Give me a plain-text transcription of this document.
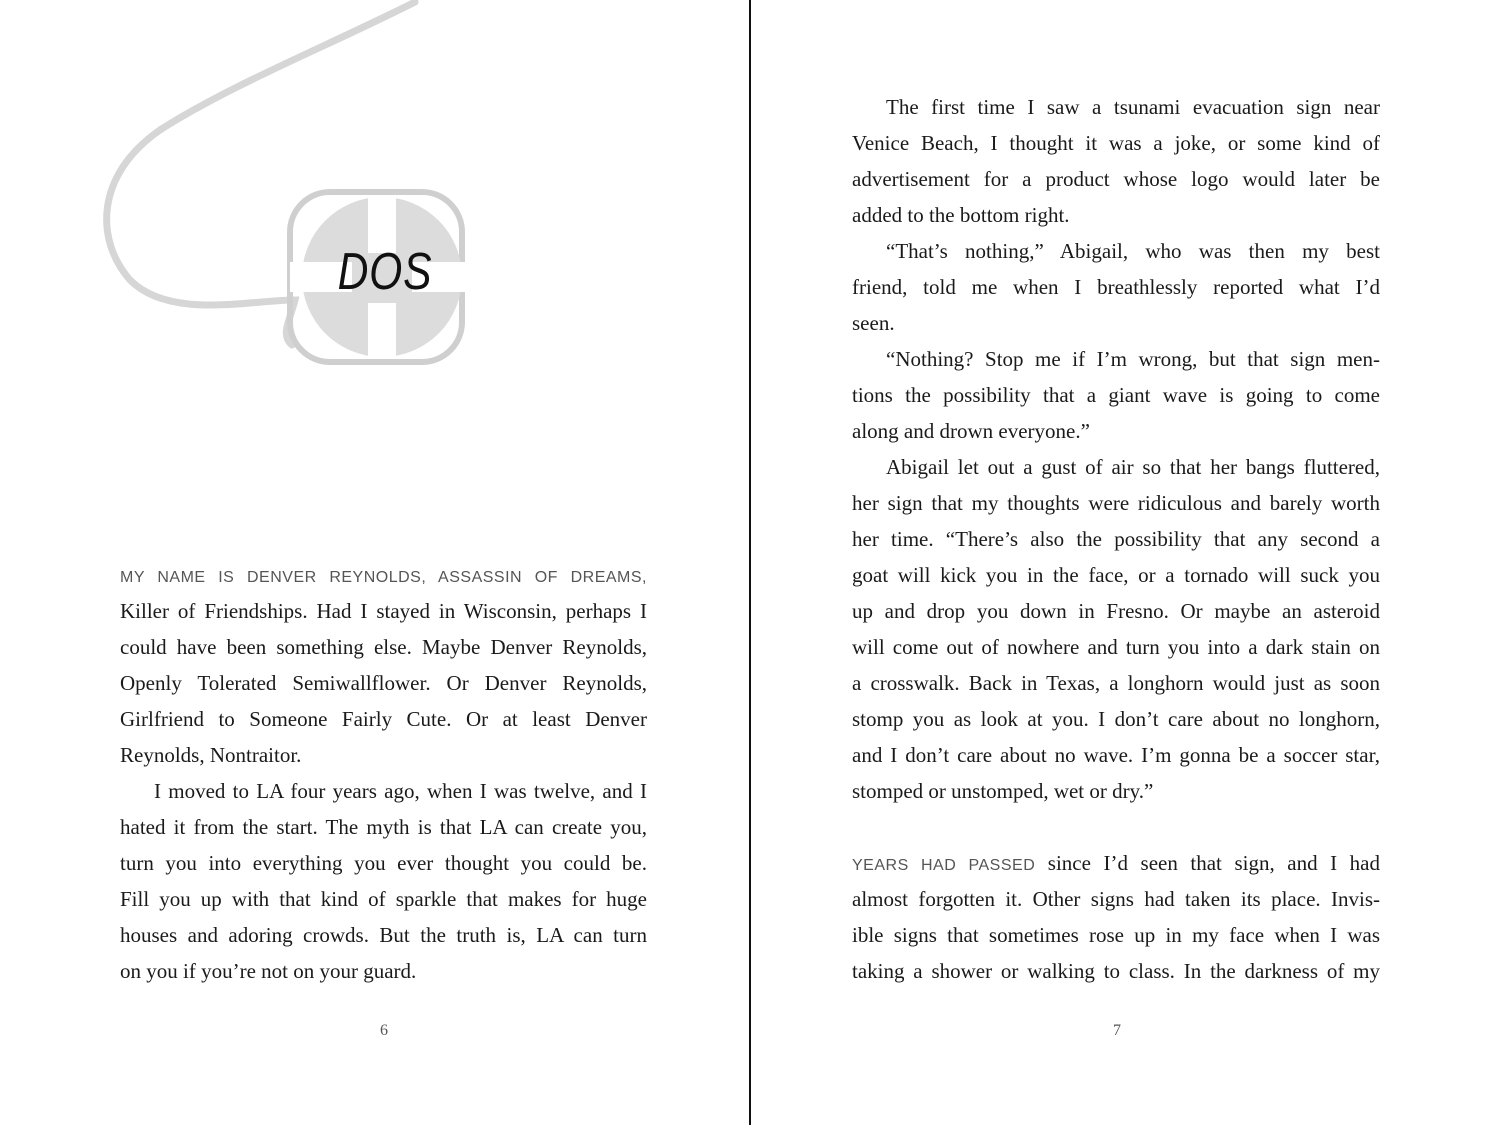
DOS
MY NAME IS DENVER REYNOLDS, ASSASSIN OF DREAMS,
Killer of Friendships. Had I stayed in Wisconsin, perhaps I
could have been something else. Maybe Denver Reynolds,
Openly Tolerated Semiwallflower. Or Denver Reynolds,
Girlfriend to Someone Fairly Cute. Or at least Denver
Reynolds, Nontraitor.
I moved to LA four years ago, when I was twelve, and I
hated it from the start. The myth is that LA can create you,
turn you into everything you ever thought you could be.
Fill you up with that kind of sparkle that makes for huge
houses and adoring crowds. But the truth is, LA can turn
on you if you’re not on your guard.
6
The first time I saw a tsunami evacuation sign near
Venice Beach, I thought it was a joke, or some kind of
advertisement for a product whose logo would later be
added to the bottom right.
“That’s nothing,” Abigail, who was then my best
friend, told me when I breathlessly reported what I’d
seen.
“Nothing? Stop me if I’m wrong, but that sign men-
tions the possibility that a giant wave is going to come
along and drown everyone.”
Abigail let out a gust of air so that her bangs fluttered,
her sign that my thoughts were ridiculous and barely worth
her time. “There’s also the possibility that any second a
goat will kick you in the face, or a tornado will suck you
up and drop you down in Fresno. Or maybe an asteroid
will come out of nowhere and turn you into a dark stain on
a crosswalk. Back in Texas, a longhorn would just as soon
stomp you as look at you. I don’t care about no longhorn,
and I don’t care about no wave. I’m gonna be a soccer star,
stomped or unstomped, wet or dry.”
YEARS HAD PASSED since I’d seen that sign, and I had
almost forgotten it. Other signs had taken its place. Invis-
ible signs that sometimes rose up in my face when I was
taking a shower or walking to class. In the darkness of my
7
